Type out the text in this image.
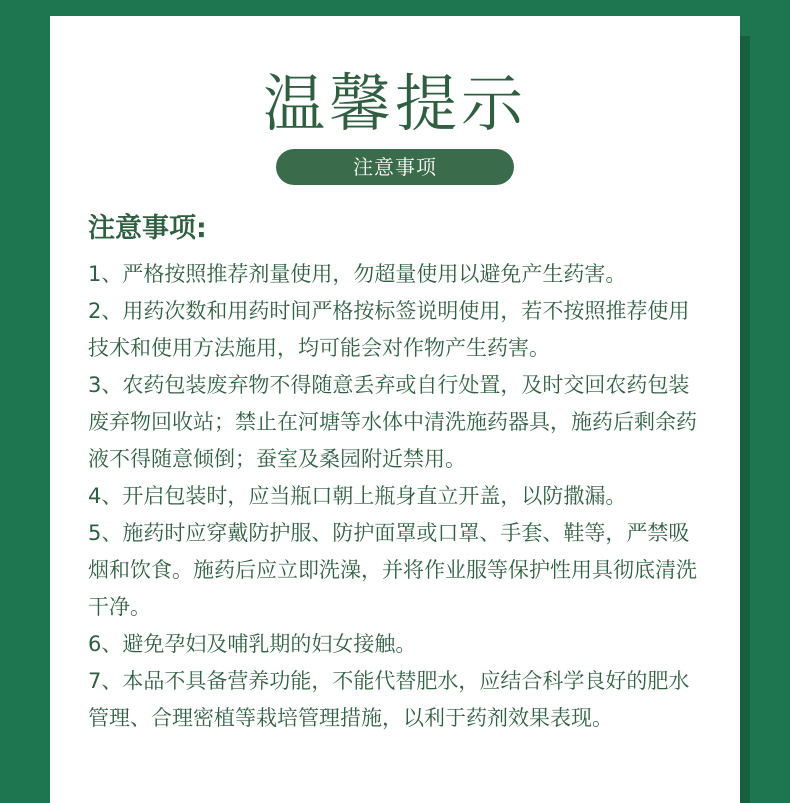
温馨提示
注意事项
注意事项:
1、严格按照推荐剂量使用，勿超量使用以避免产生药害。
2、用药次数和用药时间严格按标签说明使用，若不按照推荐使用技术和使用方法施用，均可能会对作物产生药害。
3、农药包装废弃物不得随意丢弃或自行处置，及时交回农药包装废弃物回收站；禁止在河塘等水体中清洗施药器具，施药后剩余药液不得随意倾倒；蚕室及桑园附近禁用。
4、开启包装时，应当瓶口朝上瓶身直立开盖，以防撒漏。
5、施药时应穿戴防护服、防护面罩或口罩、手套、鞋等，严禁吸烟和饮食。施药后应立即洗澡，并将作业服等保护性用具彻底清洗干净。
6、避免孕妇及哺乳期的妇女接触。
7、本品不具备营养功能，不能代替肥水，应结合科学良好的肥水管理、合理密植等栽培管理措施，以利于药剂效果表现。
